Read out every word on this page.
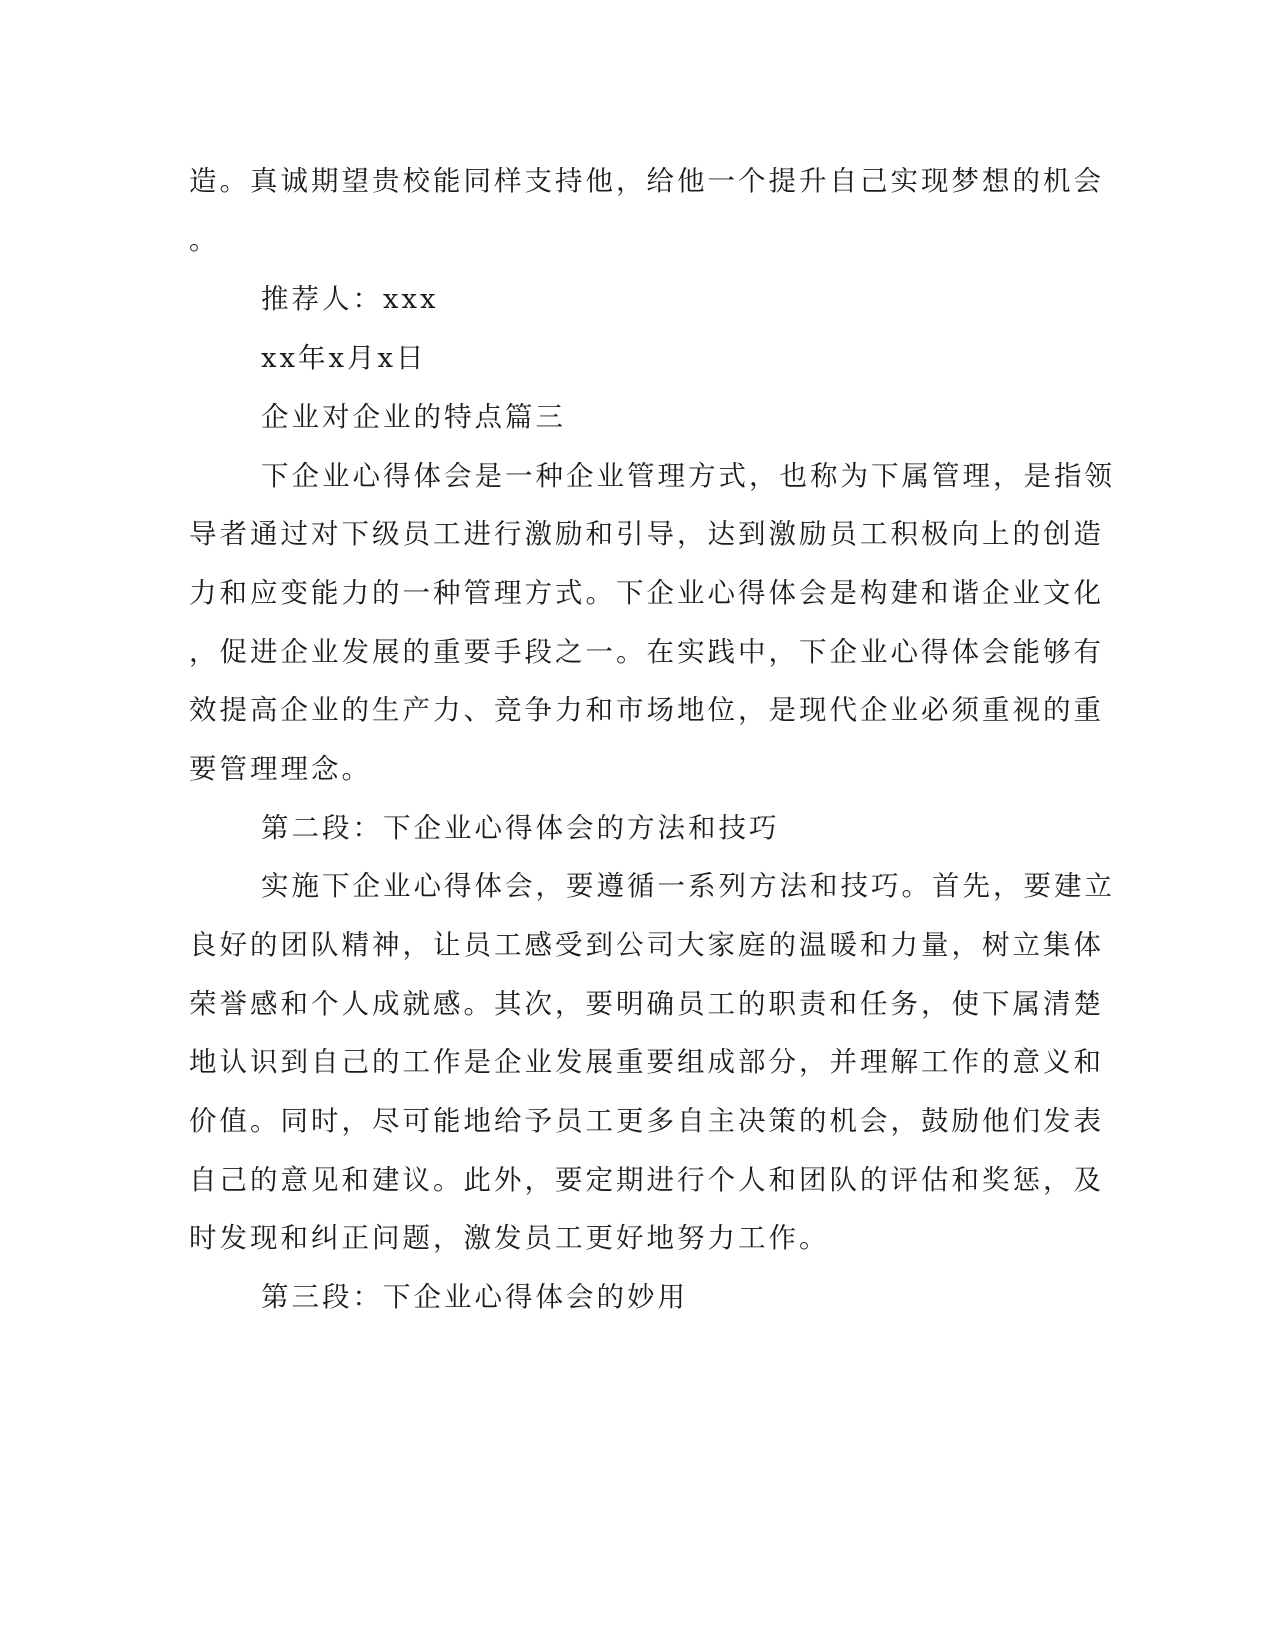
造。真诚期望贵校能同样支持他，给他一个提升自己实现梦想的机会

。

推荐人：xxx

xx年x月x日

企业对企业的特点篇三

下企业心得体会是一种企业管理方式，也称为下属管理，是指领

导者通过对下级员工进行激励和引导，达到激励员工积极向上的创造

力和应变能力的一种管理方式。下企业心得体会是构建和谐企业文化

，促进企业发展的重要手段之一。在实践中，下企业心得体会能够有

效提高企业的生产力、竞争力和市场地位，是现代企业必须重视的重

要管理理念。

第二段：下企业心得体会的方法和技巧

实施下企业心得体会，要遵循一系列方法和技巧。首先，要建立

良好的团队精神，让员工感受到公司大家庭的温暖和力量，树立集体

荣誉感和个人成就感。其次，要明确员工的职责和任务，使下属清楚

地认识到自己的工作是企业发展重要组成部分，并理解工作的意义和

价值。同时，尽可能地给予员工更多自主决策的机会，鼓励他们发表

自己的意见和建议。此外，要定期进行个人和团队的评估和奖惩，及

时发现和纠正问题，激发员工更好地努力工作。

第三段：下企业心得体会的妙用
